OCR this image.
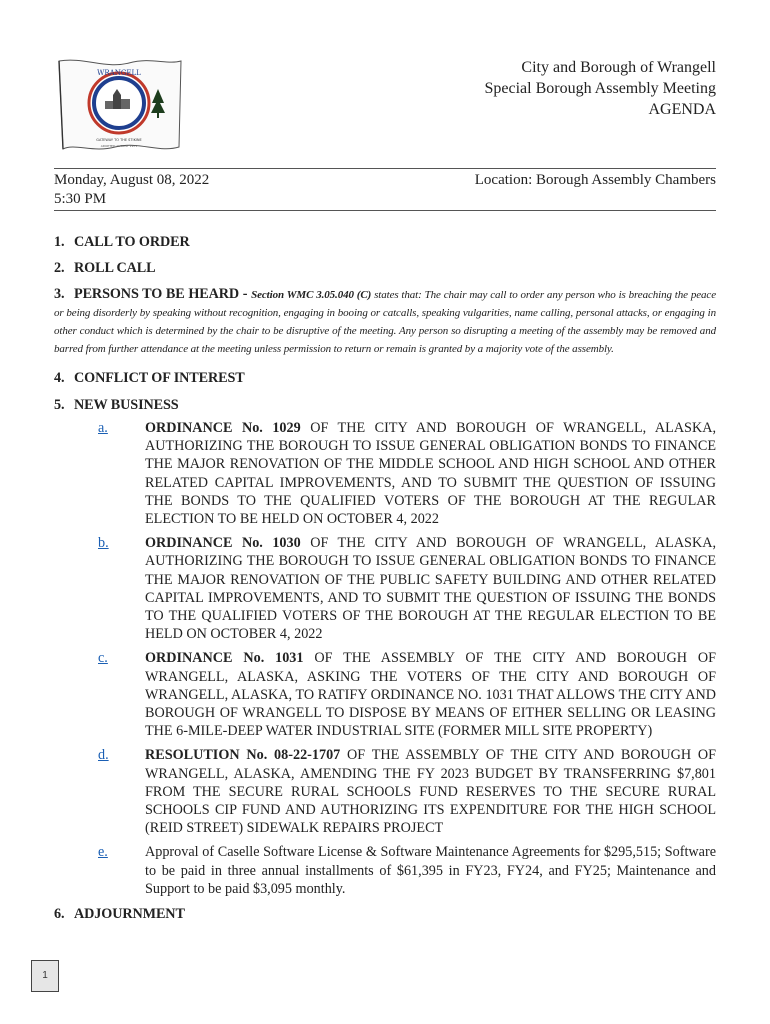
WRANGELL
GATEWAY TO THE STIKINE
ADOPTED AUGUST 1973
City and Borough of Wrangell
Special Borough Assembly Meeting
AGENDA
Monday, August 08, 2022
5:30 PM
Location: Borough Assembly Chambers

1. CALL TO ORDER

2. ROLL CALL

3. PERSONS TO BE HEARD - Section WMC 3.05.040 (C) states that: The chair may call to order any person who is breaching the peace or being disorderly by speaking without recognition, engaging in booing or catcalls, speaking vulgarities, name calling, personal attacks, or engaging in other conduct which is determined by the chair to be disruptive of the meeting. Any person so disrupting a meeting of the assembly may be removed and barred from further attendance at the meeting unless permission to return or remain is granted by a majority vote of the assembly.

4. CONFLICT OF INTEREST

5. NEW BUSINESS

a.	ORDINANCE No. 1029 OF THE CITY AND BOROUGH OF WRANGELL, ALASKA, AUTHORIZING THE BOROUGH TO ISSUE GENERAL OBLIGATION BONDS TO FINANCE THE MAJOR RENOVATION OF THE MIDDLE SCHOOL AND HIGH SCHOOL AND OTHER RELATED CAPITAL IMPROVEMENTS, AND TO SUBMIT THE QUESTION OF ISSUING THE BONDS TO THE QUALIFIED VOTERS OF THE BOROUGH AT THE REGULAR ELECTION TO BE HELD ON OCTOBER 4, 2022
b.	ORDINANCE No. 1030 OF THE CITY AND BOROUGH OF WRANGELL, ALASKA, AUTHORIZING THE BOROUGH TO ISSUE GENERAL OBLIGATION BONDS TO FINANCE THE MAJOR RENOVATION OF THE PUBLIC SAFETY BUILDING AND OTHER RELATED CAPITAL IMPROVEMENTS, AND TO SUBMIT THE QUESTION OF ISSUING THE BONDS TO THE QUALIFIED VOTERS OF THE BOROUGH AT THE REGULAR ELECTION TO BE HELD ON OCTOBER 4, 2022
c.	ORDINANCE No. 1031 OF THE ASSEMBLY OF THE CITY AND BOROUGH OF WRANGELL, ALASKA, ASKING THE VOTERS OF THE CITY AND BOROUGH OF WRANGELL, ALASKA, TO RATIFY ORDINANCE NO. 1031 THAT ALLOWS THE CITY AND BOROUGH OF WRANGELL TO DISPOSE BY MEANS OF EITHER SELLING OR LEASING THE 6-MILE-DEEP WATER INDUSTRIAL SITE (FORMER MILL SITE PROPERTY)
d.	RESOLUTION No. 08-22-1707 OF THE ASSEMBLY OF THE CITY AND BOROUGH OF WRANGELL, ALASKA, AMENDING THE FY 2023 BUDGET BY TRANSFERRING $7,801 FROM THE SECURE RURAL SCHOOLS FUND RESERVES TO THE SECURE RURAL SCHOOLS CIP FUND AND AUTHORIZING ITS EXPENDITURE FOR THE HIGH SCHOOL (REID STREET) SIDEWALK REPAIRS PROJECT
e.	Approval of Caselle Software License & Software Maintenance Agreements for $295,515; Software to be paid in three annual installments of $61,395 in FY23, FY24, and FY25; Maintenance and Support to be paid $3,095 monthly.

6. ADJOURNMENT

1
